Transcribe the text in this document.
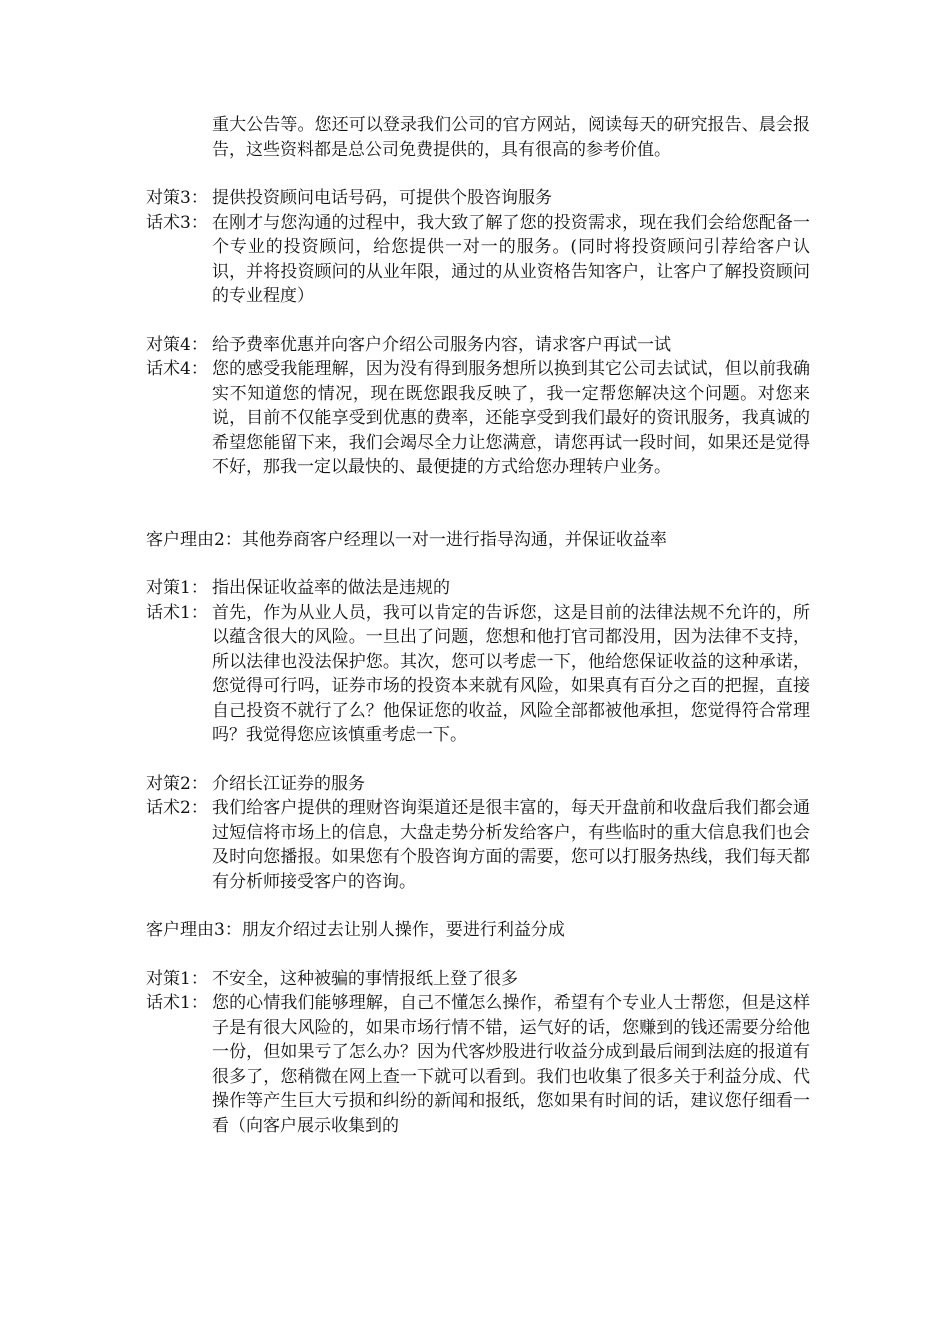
重大公告等。您还可以登录我们公司的官方网站，阅读每天的研究报告、晨会报告，这些资料都是总公司免费提供的，具有很高的参考价值。
对策3： 提供投资顾问电话号码，可提供个股咨询服务
话术3： 在刚才与您沟通的过程中，我大致了解了您的投资需求，现在我们会给您配备一个专业的投资顾问，给您提供一对一的服务。(同时将投资顾问引荐给客户认识，并将投资顾问的从业年限，通过的从业资格告知客户，让客户了解投资顾问的专业程度）
对策4： 给予费率优惠并向客户介绍公司服务内容，请求客户再试一试
话术4： 您的感受我能理解，因为没有得到服务想所以换到其它公司去试试，但以前我确实不知道您的情况，现在既您跟我反映了，我一定帮您解决这个问题。对您来说，目前不仅能享受到优惠的费率，还能享受到我们最好的资讯服务，我真诚的希望您能留下来，我们会竭尽全力让您满意，请您再试一段时间，如果还是觉得不好，那我一定以最快的、最便捷的方式给您办理转户业务。
客户理由2：其他券商客户经理以一对一进行指导沟通，并保证收益率
对策1： 指出保证收益率的做法是违规的
话术1： 首先，作为从业人员，我可以肯定的告诉您，这是目前的法律法规不允许的，所以蕴含很大的风险。一旦出了问题，您想和他打官司都没用，因为法律不支持，所以法律也没法保护您。其次，您可以考虑一下，他给您保证收益的这种承诺，您觉得可行吗，证券市场的投资本来就有风险，如果真有百分之百的把握，直接自己投资不就行了么？他保证您的收益，风险全部都被他承担，您觉得符合常理吗？我觉得您应该慎重考虑一下。
对策2： 介绍长江证券的服务
话术2： 我们给客户提供的理财咨询渠道还是很丰富的，每天开盘前和收盘后我们都会通过短信将市场上的信息，大盘走势分析发给客户，有些临时的重大信息我们也会及时向您播报。如果您有个股咨询方面的需要，您可以打服务热线，我们每天都有分析师接受客户的咨询。
客户理由3：朋友介绍过去让别人操作，要进行利益分成
对策1： 不安全，这种被骗的事情报纸上登了很多
话术1： 您的心情我们能够理解，自己不懂怎么操作，希望有个专业人士帮您，但是这样子是有很大风险的，如果市场行情不错，运气好的话，您赚到的钱还需要分给他一份，但如果亏了怎么办？因为代客炒股进行收益分成到最后闹到法庭的报道有很多了，您稍微在网上查一下就可以看到。我们也收集了很多关于利益分成、代操作等产生巨大亏损和纠纷的新闻和报纸，您如果有时间的话，建议您仔细看一看（向客户展示收集到的
